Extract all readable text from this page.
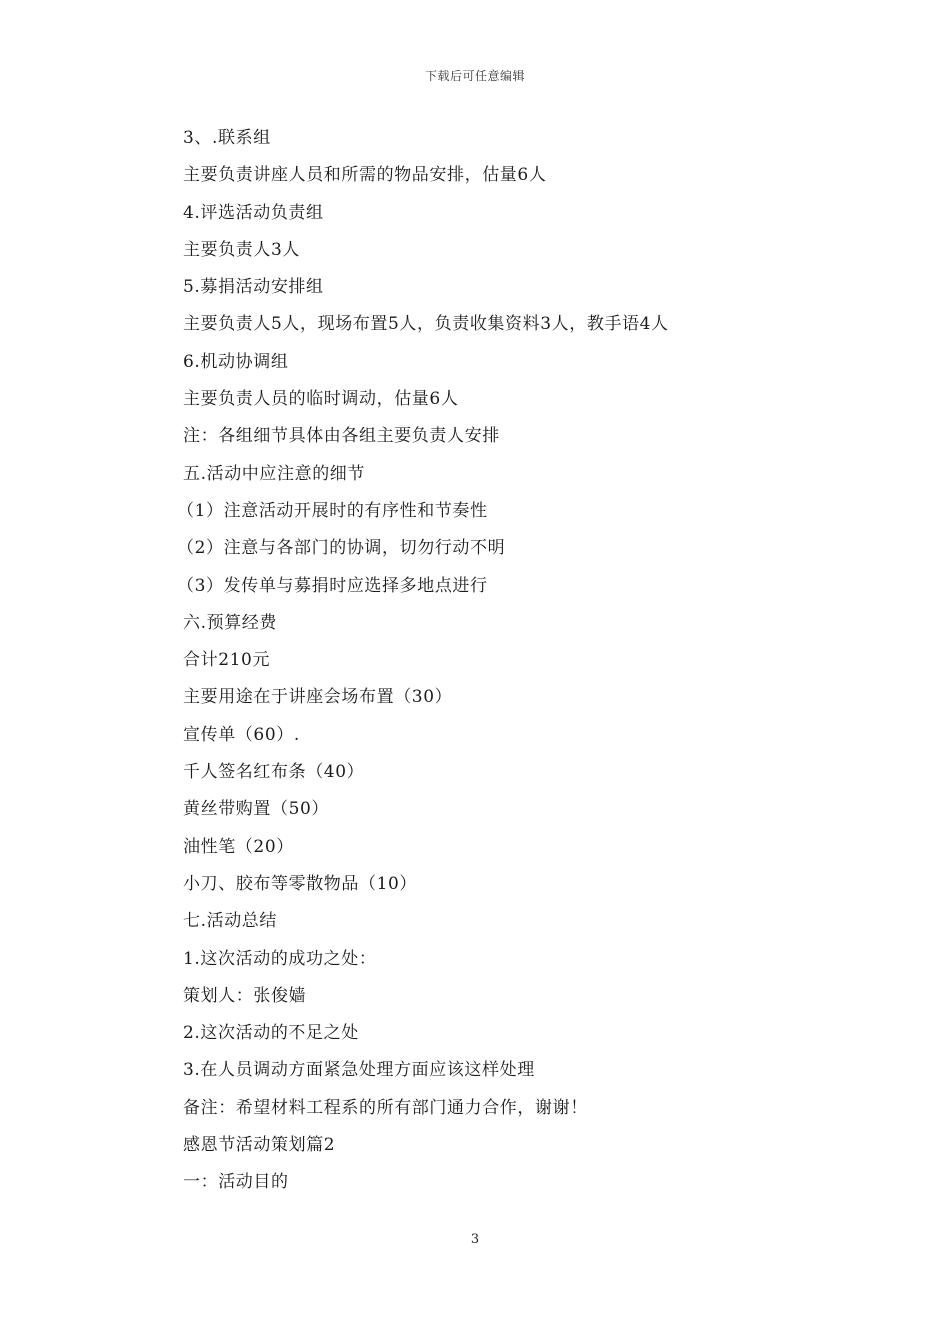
下载后可任意编辑
3、.联系组
主要负责讲座人员和所需的物品安排，估量6人
4.评选活动负责组
主要负责人3人
5.募捐活动安排组
主要负责人5人，现场布置5人，负责收集资料3人，教手语4人
6.机动协调组
主要负责人员的临时调动，估量6人
注：各组细节具体由各组主要负责人安排
五.活动中应注意的细节
（1）注意活动开展时的有序性和节奏性
（2）注意与各部门的协调，切勿行动不明
（3）发传单与募捐时应选择多地点进行
六.预算经费
合计210元
主要用途在于讲座会场布置（30）
宣传单（60）.
千人签名红布条（40）
黄丝带购置（50）
油性笔（20）
小刀、胶布等零散物品（10）
七.活动总结
1.这次活动的成功之处：
策划人：张俊嫱
2.这次活动的不足之处
3.在人员调动方面紧急处理方面应该这样处理
备注：希望材料工程系的所有部门通力合作，谢谢！
感恩节活动策划篇2
一：活动目的
3
